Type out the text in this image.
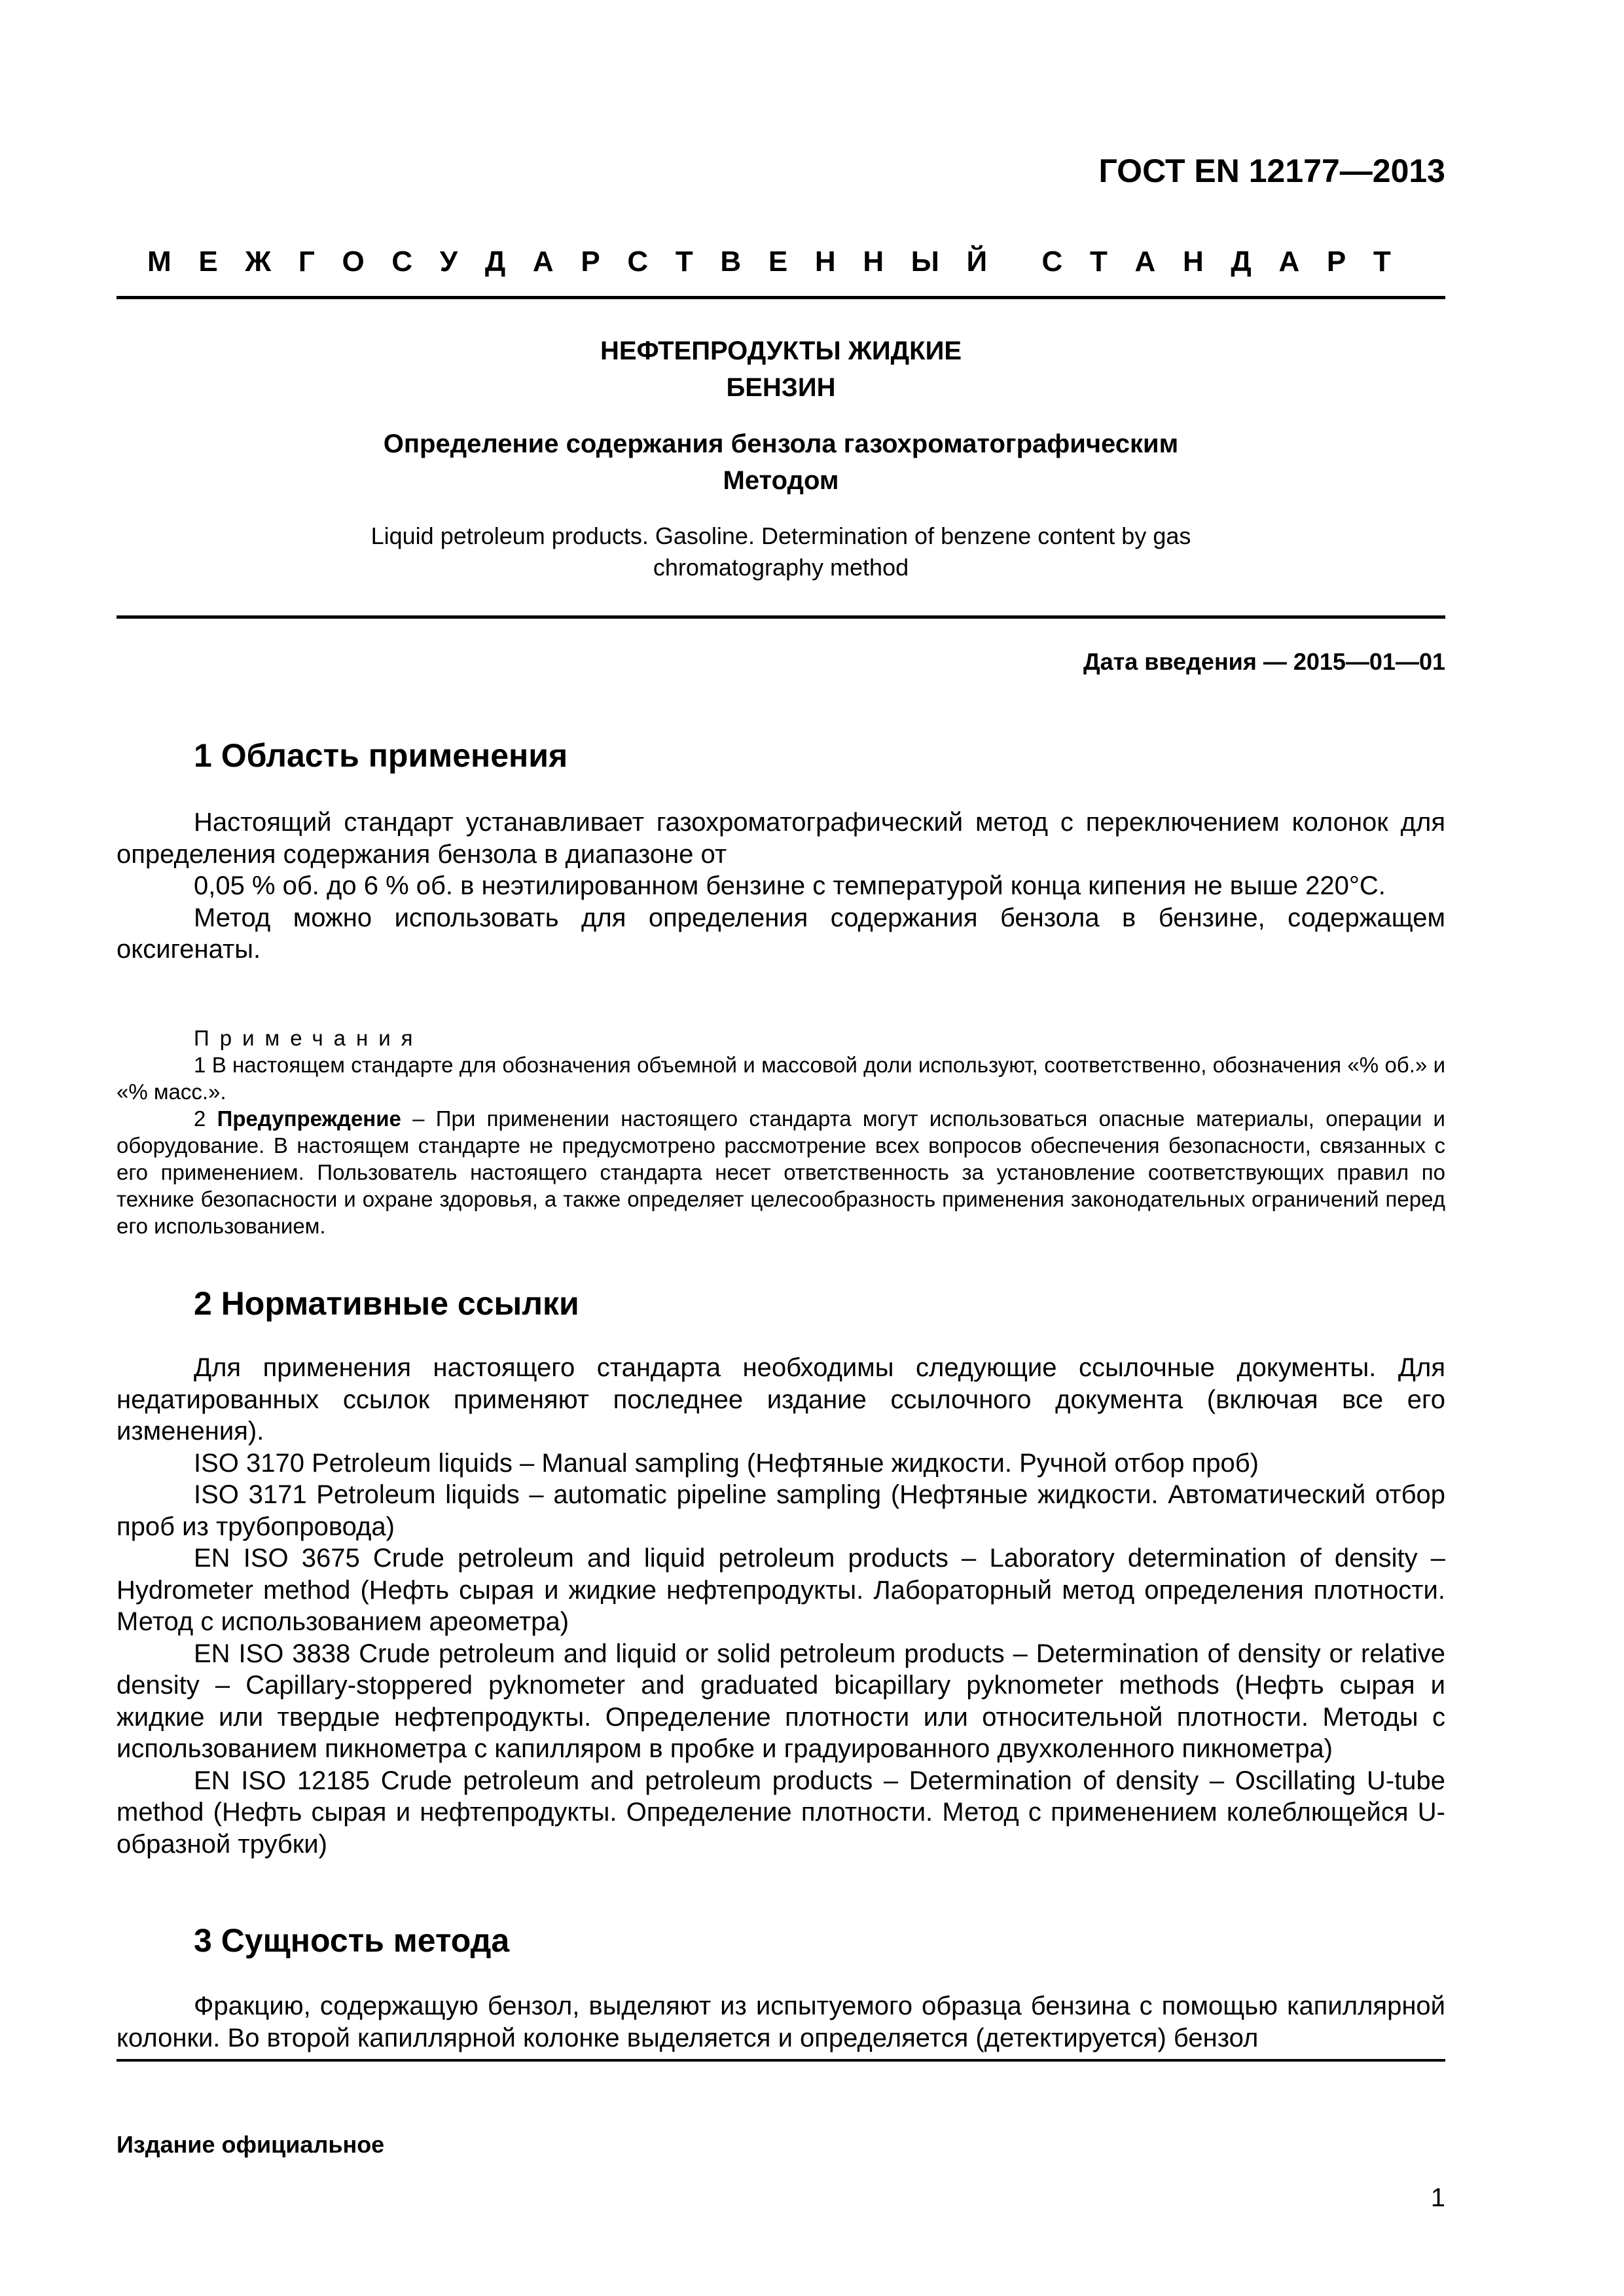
ГОСТ EN 12177—2013
М Е Ж Г О С У Д А Р С Т В Е Н Н Ы Й С Т А Н Д А Р Т
НЕФТЕПРОДУКТЫ ЖИДКИЕ
БЕНЗИН
Определение содержания бензола газохроматографическим
Методом
Liquid petroleum products. Gasoline. Determination of benzene content by gas
chromatography method
Дата введения — 2015—01—01
1 Область применения

Настоящий стандарт устанавливает газохроматографический метод с переключением колонок для определения содержания бензола в диапазоне от

0,05 % об. до 6 % об. в неэтилированном бензине с температурой конца кипения не выше 220°С.

Метод можно использовать для определения содержания бензола в бензине, содержащем оксигенаты.

Примечания

1 В настоящем стандарте для обозначения объемной и массовой доли используют, соответственно, обозначения «% об.» и «% масс.».

2 Предупреждение – При применении настоящего стандарта могут использоваться опасные материалы, операции и оборудование. В настоящем стандарте не предусмотрено рассмотрение всех вопросов обеспечения безопасности, связанных с его применением. Пользователь настоящего стандарта несет ответственность за установление соответствующих правил по технике безопасности и охране здоровья, а также определяет целесообразность применения законодательных ограничений перед его использованием.

2 Нормативные ссылки

Для применения настоящего стандарта необходимы следующие ссылочные документы. Для недатированных ссылок применяют последнее издание ссылочного документа (включая все его изменения).

ISO 3170 Petroleum liquids – Manual sampling (Нефтяные жидкости. Ручной отбор проб)

ISO 3171 Petroleum liquids – automatic pipeline sampling (Нефтяные жидкости. Автоматический отбор проб из трубопровода)

EN ISO 3675 Crude petroleum and liquid petroleum products – Laboratory determination of density – Hydrometer method (Нефть сырая и жидкие нефтепродукты. Лабораторный метод определения плотности. Метод с использованием ареометра)

EN ISO 3838 Crude petroleum and liquid or solid petroleum products – Determination of density or relative density – Capillary-stoppered pyknometer and graduated bicapillary pyknometer methods (Нефть сырая и жидкие или твердые нефтепродукты. Определение плотности или относительной плотности. Методы с использованием пикнометра с капилляром в пробке и градуированного двухколенного пикнометра)

EN ISO 12185 Crude petroleum and petroleum products – Determination of density – Oscillating U-tube method (Нефть сырая и нефтепродукты. Определение плотности. Метод с применением колеблющейся U-образной трубки)

3 Сущность метода

Фракцию, содержащую бензол, выделяют из испытуемого образца бензина с помощью капиллярной колонки. Во второй капиллярной колонке выделяется и определяется (детектируется) бензол

Издание официальное
1
